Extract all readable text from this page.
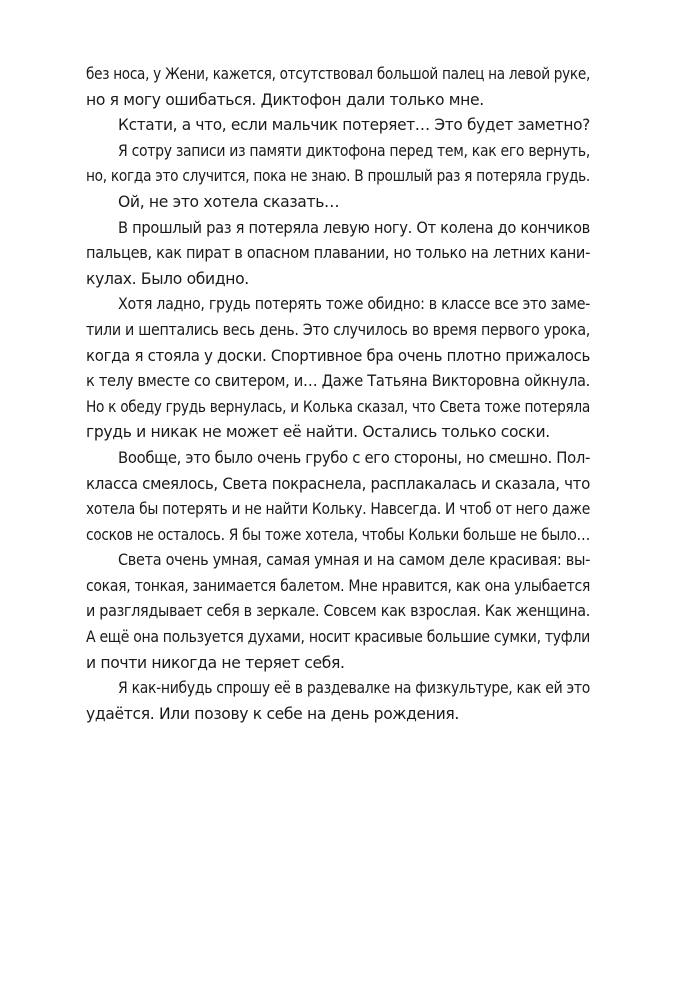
без носа, у Жени, кажется, отсутствовал большой палец на левой руке,
но я могу ошибаться. Диктофон дали только мне.
Кстати, а что, если мальчик потеряет… Это будет заметно?
Я сотру записи из памяти диктофона перед тем, как его вернуть,
но, когда это случится, пока не знаю. В прошлый раз я потеряла грудь.
Ой, не это хотела сказать…
В прошлый раз я потеряла левую ногу. От колена до кончиков
пальцев, как пират в опасном плавании, но только на летних кани-
кулах. Было обидно.
Хотя ладно, грудь потерять тоже обидно: в классе все это заме-
тили и шептались весь день. Это случилось во время первого урока,
когда я стояла у доски. Спортивное бра очень плотно прижалось
к телу вместе со свитером, и… Даже Татьяна Викторовна ойкнула.
Но к обеду грудь вернулась, и Колька сказал, что Света тоже потеряла
грудь и никак не может её найти. Остались только соски.
Вообще, это было очень грубо с его стороны, но смешно. Пол-
класса смеялось, Света покраснела, расплакалась и сказала, что
хотела бы потерять и не найти Кольку. Навсегда. И чтоб от него даже
сосков не осталось. Я бы тоже хотела, чтобы Кольки больше не было…
Света очень умная, самая умная и на самом деле красивая: вы-
сокая, тонкая, занимается балетом. Мне нравится, как она улыбается
и разглядывает себя в зеркале. Совсем как взрослая. Как женщина.
А ещё она пользуется духами, носит красивые большие сумки, туфли
и почти никогда не теряет себя.
Я как-нибудь спрошу её в раздевалке на физкультуре, как ей это
удаётся. Или позову к себе на день рождения.
